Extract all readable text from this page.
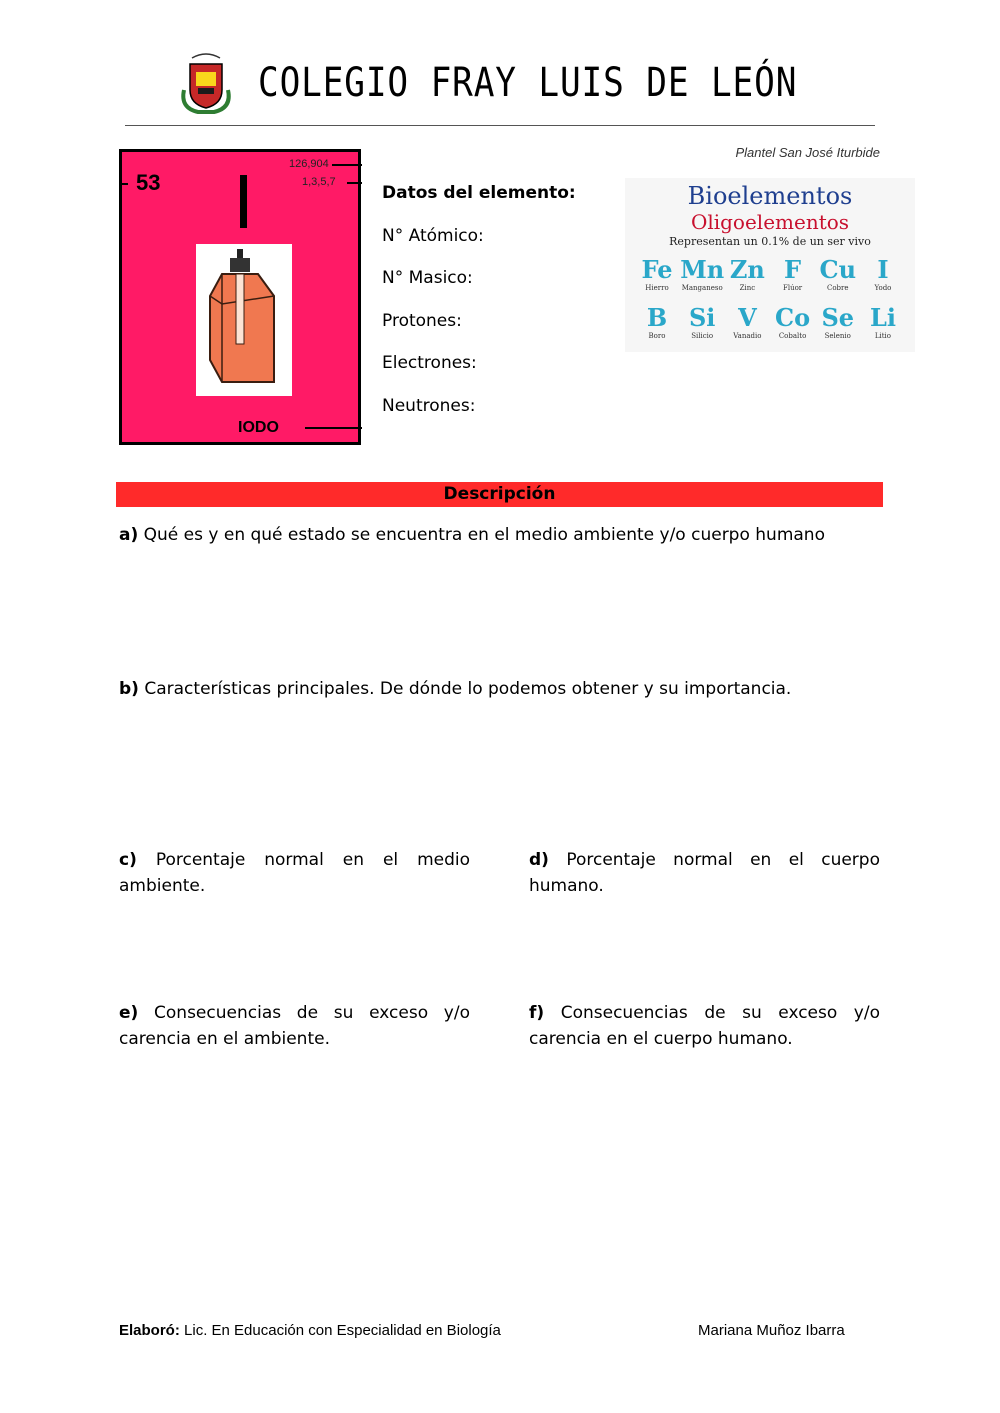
COLEGIO FRAY LUIS DE LEÓN
Plantel San José Iturbide
53
126,904
1,3,5,7
IODO
Datos del elemento:
N° Atómico:
N° Masico:
Protones:
Electrones:
Neutrones:
Bioelementos
Oligoelementos
Representan un 0.1% de un ser vivo
Fe
Hierro
Mn
Manganeso
Zn
Zinc
F
Flúor
Cu
Cobre
I
Yodo
B
Boro
Si
Silicio
V
Vanadio
Co
Cobalto
Se
Selenio
Li
Litio
Descripción
a) Qué es y en qué estado se encuentra en el medio ambiente y/o cuerpo humano
b) Características principales. De dónde lo podemos obtener y su importancia.
c) Porcentaje normal en el medio ambiente.
d) Porcentaje normal en el cuerpo humano.
e) Consecuencias de su exceso y/o carencia en el ambiente.
f) Consecuencias de su exceso y/o carencia en el cuerpo humano.
Elaboró: Lic. En Educación con Especialidad en Biología	Mariana Muñoz Ibarra
